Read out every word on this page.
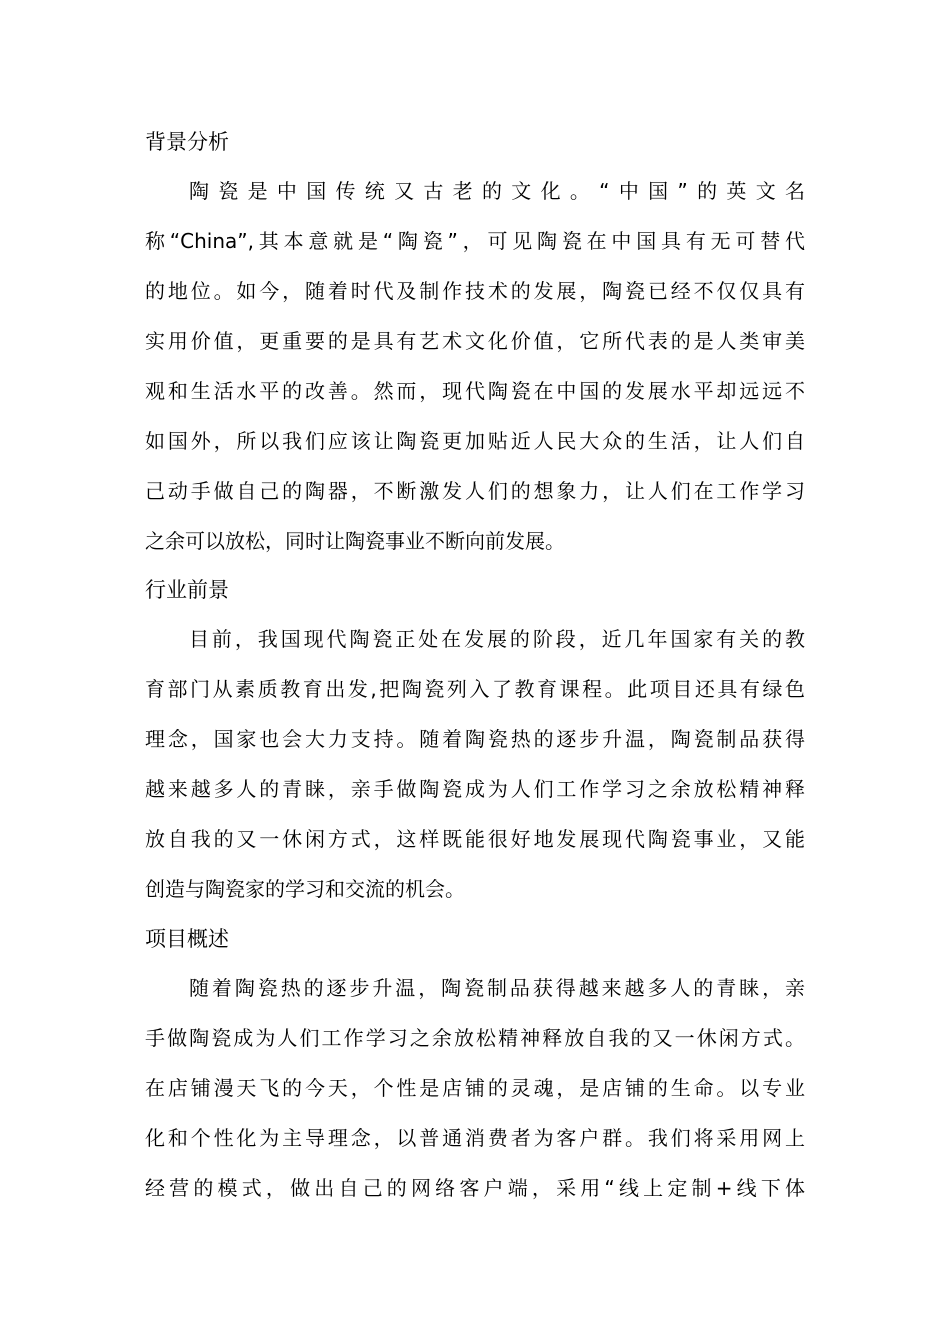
背景分析
陶瓷是中国传统又古老的文化。“中国”的英文名
称“China”,其本意就是“陶瓷”，可见陶瓷在中国具有无可替代
的地位。如今，随着时代及制作技术的发展，陶瓷已经不仅仅具有
实用价值，更重要的是具有艺术文化价值，它所代表的是人类审美
观和生活水平的改善。然而，现代陶瓷在中国的发展水平却远远不
如国外，所以我们应该让陶瓷更加贴近人民大众的生活，让人们自
己动手做自己的陶器，不断激发人们的想象力，让人们在工作学习
之余可以放松，同时让陶瓷事业不断向前发展。
行业前景
目前，我国现代陶瓷正处在发展的阶段，近几年国家有关的教
育部门从素质教育出发,把陶瓷列入了教育课程。此项目还具有绿色
理念，国家也会大力支持。随着陶瓷热的逐步升温，陶瓷制品获得
越来越多人的青睐，亲手做陶瓷成为人们工作学习之余放松精神释
放自我的又一休闲方式，这样既能很好地发展现代陶瓷事业，又能
创造与陶瓷家的学习和交流的机会。
项目概述
随着陶瓷热的逐步升温，陶瓷制品获得越来越多人的青睐，亲
手做陶瓷成为人们工作学习之余放松精神释放自我的又一休闲方式。
在店铺漫天飞的今天，个性是店铺的灵魂，是店铺的生命。以专业
化和个性化为主导理念，以普通消费者为客户群。我们将采用网上
经营的模式，做出自己的网络客户端，采用“线上定制+线下体
